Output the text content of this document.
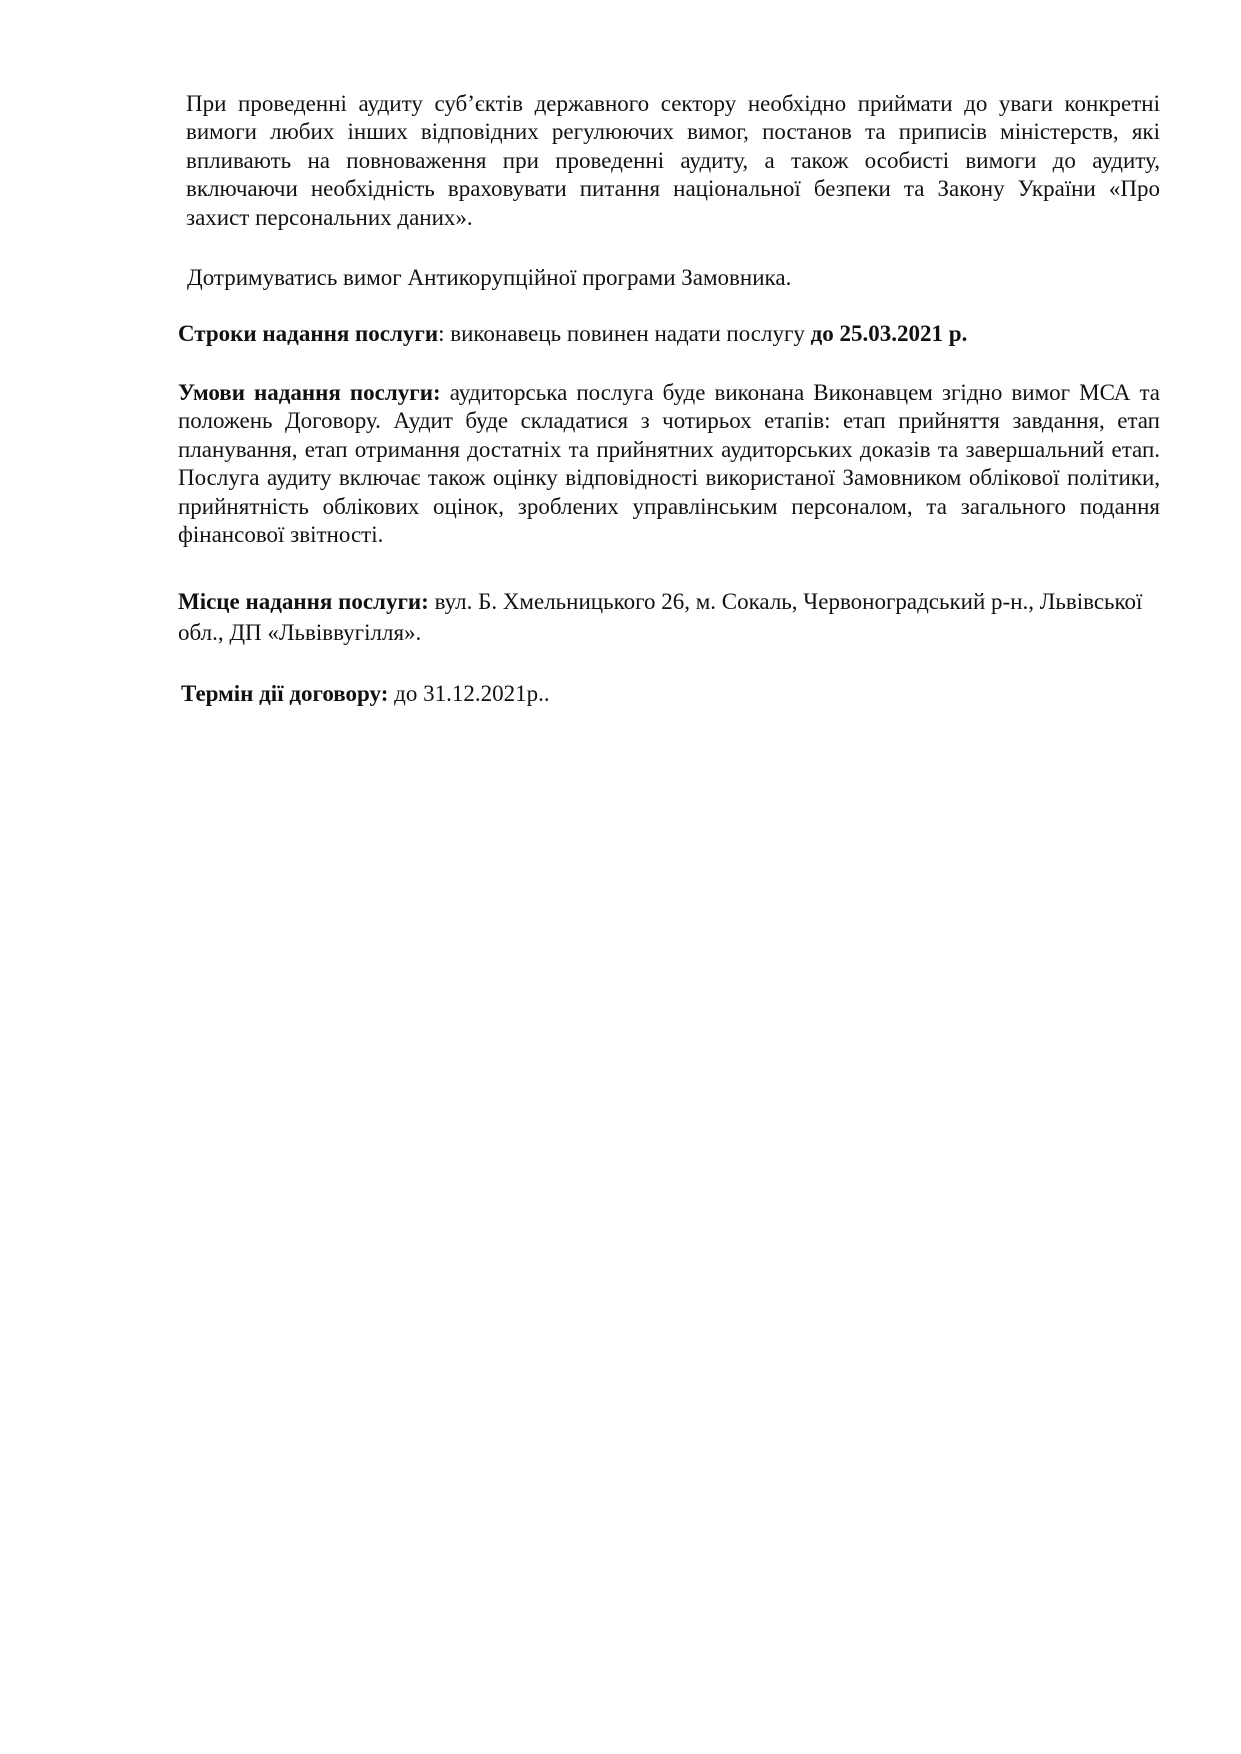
При проведенні аудиту суб’єктів державного сектору необхідно приймати до уваги конкретні вимоги любих інших відповідних регулюючих вимог, постанов та приписів міністерств, які впливають на повноваження при проведенні аудиту, а також особисті вимоги до аудиту, включаючи необхідність враховувати питання національної безпеки та Закону України «Про захист персональних даних».
Дотримуватись вимог Антикорупційної програми Замовника.
Строки надання послуги: виконавець повинен надати послугу до 25.03.2021 р.
Умови надання послуги: аудиторська послуга буде виконана Виконавцем згідно вимог МСА та положень Договору. Аудит буде складатися з чотирьох етапів: етап прийняття завдання, етап планування, етап отримання достатніх та прийнятних аудиторських доказів та завершальний етап. Послуга аудиту включає також оцінку відповідності використаної Замовником облікової політики, прийнятність облікових оцінок, зроблених управлінським персоналом, та загального подання фінансової звітності.
Місце надання послуги: вул. Б. Хмельницького 26, м. Сокаль, Червоноградський р-н., Львівської обл., ДП «Львіввугілля».
Термін дії договору: до 31.12.2021р..
